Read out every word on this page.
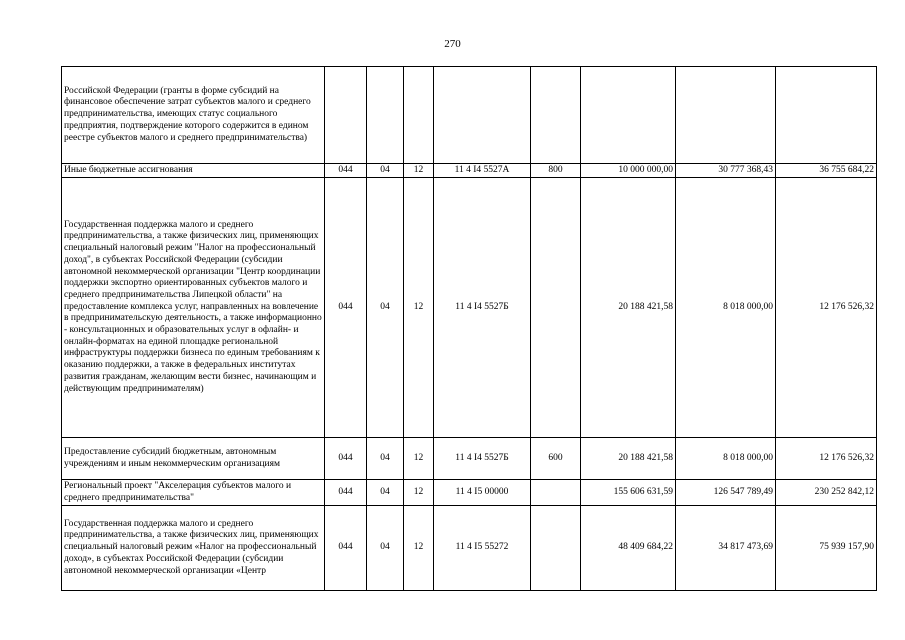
270
Российской Федерации (гранты в форме субсидий на финансовое обеспечение затрат субъектов малого и среднего предпринимательства, имеющих статус социального предприятия, подтверждение которого содержится в едином реестре субъектов малого и среднего предпринимательства)								
Иные бюджетные ассигнования	044	04	12	11 4 I4 5527А	800	10 000 000,00	30 777 368,43	36 755 684,22
Государственная поддержка малого и среднего предпринимательства, а также физических лиц, применяющих специальный налоговый режим "Налог на профессиональный доход", в субъектах Российской Федерации (субсидии автономной некоммерческой организации "Центр координации поддержки экспортно ориентированных субъектов малого и среднего предпринимательства Липецкой области" на предоставление комплекса услуг, направленных на вовлечение в предпринимательскую деятельность, а также информационно - консультационных и образовательных услуг в офлайн- и онлайн-форматах на единой площадке региональной инфраструктуры поддержки бизнеса по единым требованиям к оказанию поддержки, а также в федеральных институтах развития гражданам, желающим вести бизнес, начинающим и действующим предпринимателям)	044	04	12	11 4 I4 5527Б		20 188 421,58	8 018 000,00	12 176 526,32
Предоставление субсидий бюджетным, автономным учреждениям и иным некоммерческим организациям	044	04	12	11 4 I4 5527Б	600	20 188 421,58	8 018 000,00	12 176 526,32
Региональный проект "Акселерация субъектов малого и среднего предпринимательства"	044	04	12	11 4 I5 00000		155 606 631,59	126 547 789,49	230 252 842,12
Государственная поддержка малого и среднего предпринимательства, а также физических лиц, применяющих специальный налоговый режим «Налог на профессиональный доход», в субъектах Российской Федерации (субсидии автономной некоммерческой организации «Центр	044	04	12	11 4 I5 55272		48 409 684,22	34 817 473,69	75 939 157,90
